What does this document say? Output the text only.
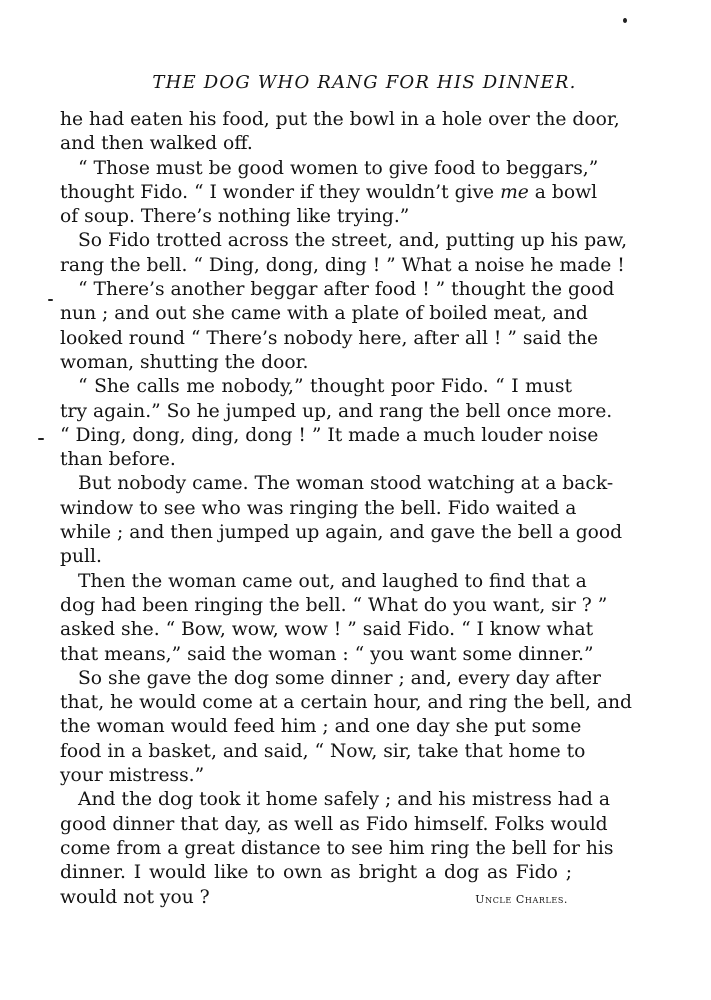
THE DOG WHO RANG FOR HIS DINNER.
he had eaten his food, put the bowl in a hole over the door,
and then walked off.
“ Those must be good women to give food to beggars,”
thought Fido. “ I wonder if they wouldn’t give me a bowl
of soup. There’s nothing like trying.”
So Fido trotted across the street, and, putting up his paw,
rang the bell. “ Ding, dong, ding ! ” What a noise he made !
“ There’s another beggar after food ! ” thought the good
nun ; and out she came with a plate of boiled meat, and
looked round “ There’s nobody here, after all ! ” said the
woman, shutting the door.
“ She calls me nobody,” thought poor Fido. “ I must
try again.” So he jumped up, and rang the bell once more.
“ Ding, dong, ding, dong ! ” It made a much louder noise
than before.
But nobody came. The woman stood watching at a back-
window to see who was ringing the bell. Fido waited a
while ; and then jumped up again, and gave the bell a good
pull.
Then the woman came out, and laughed to find that a
dog had been ringing the bell. “ What do you want, sir ? ”
asked she. “ Bow, wow, wow ! ” said Fido. “ I know what
that means,” said the woman : “ you want some dinner.”
So she gave the dog some dinner ; and, every day after
that, he would come at a certain hour, and ring the bell, and
the woman would feed him ; and one day she put some
food in a basket, and said, “ Now, sir, take that home to
your mistress.”
And the dog took it home safely ; and his mistress had a
good dinner that day, as well as Fido himself. Folks would
come from a great distance to see him ring the bell for his
dinner. I would like to own as bright a dog as Fido ;
would not you ?	Uncle Charles.
